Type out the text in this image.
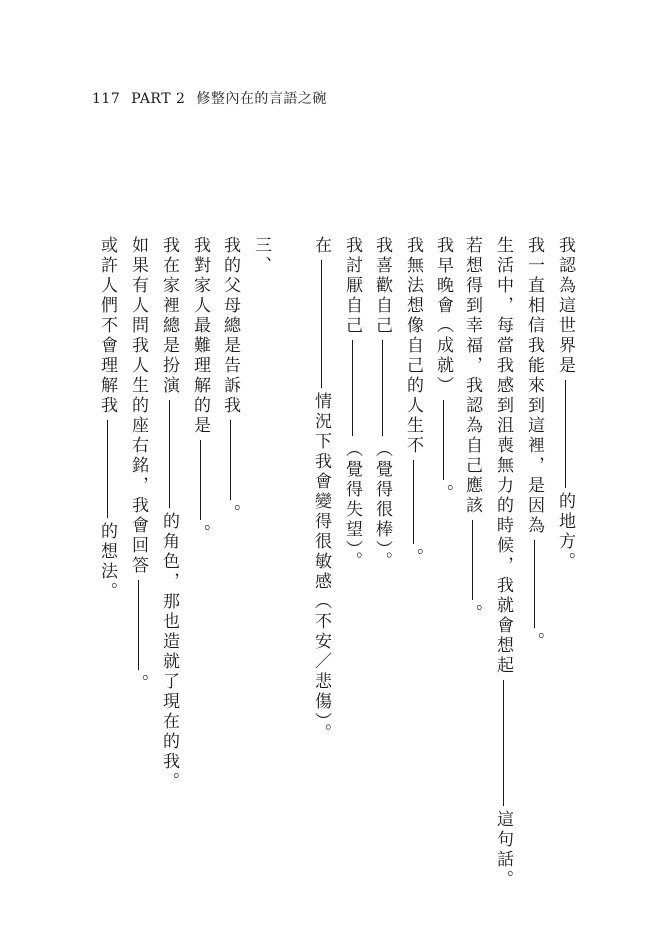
117 PART 2 修整內在的言語之碗
我認為這世界是
的地方。
我一直相信我能來到這裡，是因為
。
生活中，每當我感到沮喪無力的時候，我就會想起
這句話。
若想得到幸福，我認為自己應該
。
我早晚會（成就）
。
我無法想像自己的人生不
。
我喜歡自己
（覺得很棒）。
我討厭自己
（覺得失望）。
在
情況下我會變得很敏感（不安／悲傷）。
三、
我的父母總是告訴我
。
我對家人最難理解的是
。
我在家裡總是扮演
的角色，那也造就了現在的我。
如果有人問我人生的座右銘，我會回答
。
或許人們不會理解我
的想法。
